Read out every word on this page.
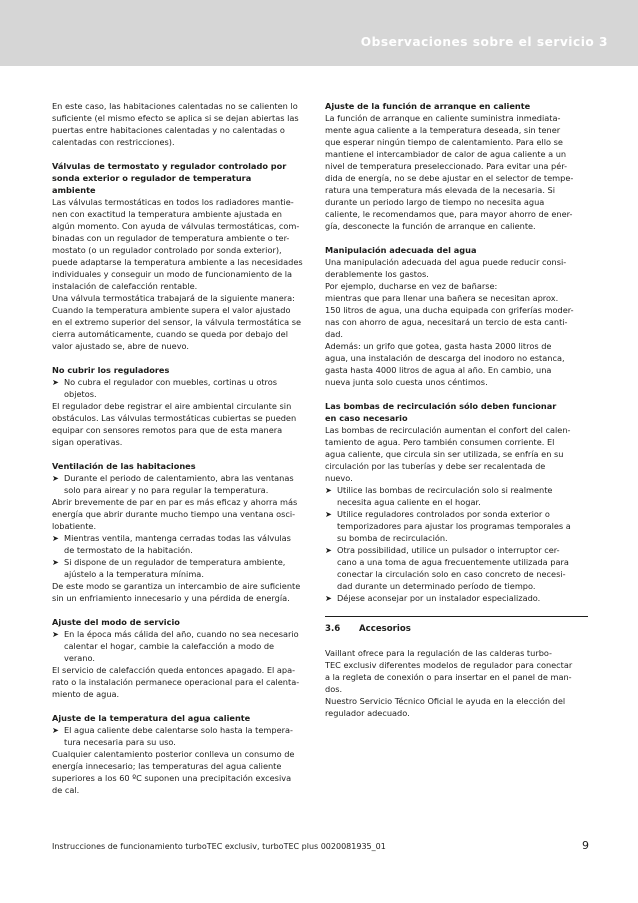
Observaciones sobre el servicio 3

En este caso, las habitaciones calentadas no se calienten lo
suficiente (el mismo efecto se aplica si se dejan abiertas las
puertas entre habitaciones calentadas y no calentadas o
calentadas con restricciones).

Válvulas de termostato y regulador controlado por
sonda exterior o regulador de temperatura
ambiente

Las válvulas termostáticas en todos los radiadores mantie-
nen con exactitud la temperatura ambiente ajustada en
algún momento. Con ayuda de válvulas termostáticas, com-
binadas con un regulador de temperatura ambiente o ter-
mostato (o un regulador controlado por sonda exterior),
puede adaptarse la temperatura ambiente a las necesidades
individuales y conseguir un modo de funcionamiento de la
instalación de calefacción rentable.
Una válvula termostática trabajará de la siguiente manera:
Cuando la temperatura ambiente supera el valor ajustado
en el extremo superior del sensor, la válvula termostática se
cierra automáticamente, cuando se queda por debajo del
valor ajustado se, abre de nuevo.

No cubrir los reguladores

➤ No cubra el regulador con muebles, cortinas u otros
objetos.

El regulador debe registrar el aire ambiental circulante sin
obstáculos. Las válvulas termostáticas cubiertas se pueden
equipar con sensores remotos para que de esta manera
sigan operativas.

Ventilación de las habitaciones

➤ Durante el periodo de calentamiento, abra las ventanas
solo para airear y no para regular la temperatura.

Abrir brevemente de par en par es más eficaz y ahorra más
energía que abrir durante mucho tiempo una ventana osci-
lobatiente.

➤ Mientras ventila, mantenga cerradas todas las válvulas
de termostato de la habitación.

➤ Si dispone de un regulador de temperatura ambiente,
ajústelo a la temperatura mínima.

De este modo se garantiza un intercambio de aire suficiente
sin un enfriamiento innecesario y una pérdida de energía.

Ajuste del modo de servicio

➤ En la época más cálida del año, cuando no sea necesario
calentar el hogar, cambie la calefacción a modo de
verano.

El servicio de calefacción queda entonces apagado. El apa-
rato o la instalación permanece operacional para el calenta-
miento de agua.

Ajuste de la temperatura del agua caliente

➤ El agua caliente debe calentarse solo hasta la tempera-
tura necesaria para su uso.

Cualquier calentamiento posterior conlleva un consumo de
energía innecesario; las temperaturas del agua caliente
superiores a los 60 ºC suponen una precipitación excesiva
de cal.

Ajuste de la función de arranque en caliente

La función de arranque en caliente suministra inmediata-
mente agua caliente a la temperatura deseada, sin tener
que esperar ningún tiempo de calentamiento. Para ello se
mantiene el intercambiador de calor de agua caliente a un
nivel de temperatura preseleccionado. Para evitar una pér-
dida de energía, no se debe ajustar en el selector de tempe-
ratura una temperatura más elevada de la necesaria. Si
durante un periodo largo de tiempo no necesita agua
caliente, le recomendamos que, para mayor ahorro de ener-
gía, desconecte la función de arranque en caliente.

Manipulación adecuada del agua

Una manipulación adecuada del agua puede reducir consi-
derablemente los gastos.
Por ejemplo, ducharse en vez de bañarse:
mientras que para llenar una bañera se necesitan aprox.
150 litros de agua, una ducha equipada con griferías moder-
nas con ahorro de agua, necesitará un tercio de esta canti-
dad.
Además: un grifo que gotea, gasta hasta 2000 litros de
agua, una instalación de descarga del inodoro no estanca,
gasta hasta 4000 litros de agua al año. En cambio, una
nueva junta solo cuesta unos céntimos.

Las bombas de recirculación sólo deben funcionar
en caso necesario

Las bombas de recirculación aumentan el confort del calen-
tamiento de agua. Pero también consumen corriente. El
agua caliente, que circula sin ser utilizada, se enfría en su
circulación por las tuberías y debe ser recalentada de
nuevo.

➤ Utilice las bombas de recirculación solo si realmente
necesita agua caliente en el hogar.

➤ Utilice reguladores controlados por sonda exterior o
temporizadores para ajustar los programas temporales a
su bomba de recirculación.

➤ Otra possibilidad, utilice un pulsador o interruptor cer-
cano a una toma de agua frecuentemente utilizada para
conectar la circulación solo en caso concreto de necesi-
dad durante un determinado período de tiempo.

➤ Déjese aconsejar por un instalador especializado.

3.6	Accesorios

Vaillant ofrece para la regulación de las calderas turbo-
TEC exclusiv diferentes modelos de regulador para conectar
a la regleta de conexión o para insertar en el panel de man-
dos.
Nuestro Servicio Técnico Oficial le ayuda en la elección del
regulador adecuado.

Instrucciones de funcionamiento turboTEC exclusiv, turboTEC plus 0020081935_01	9
